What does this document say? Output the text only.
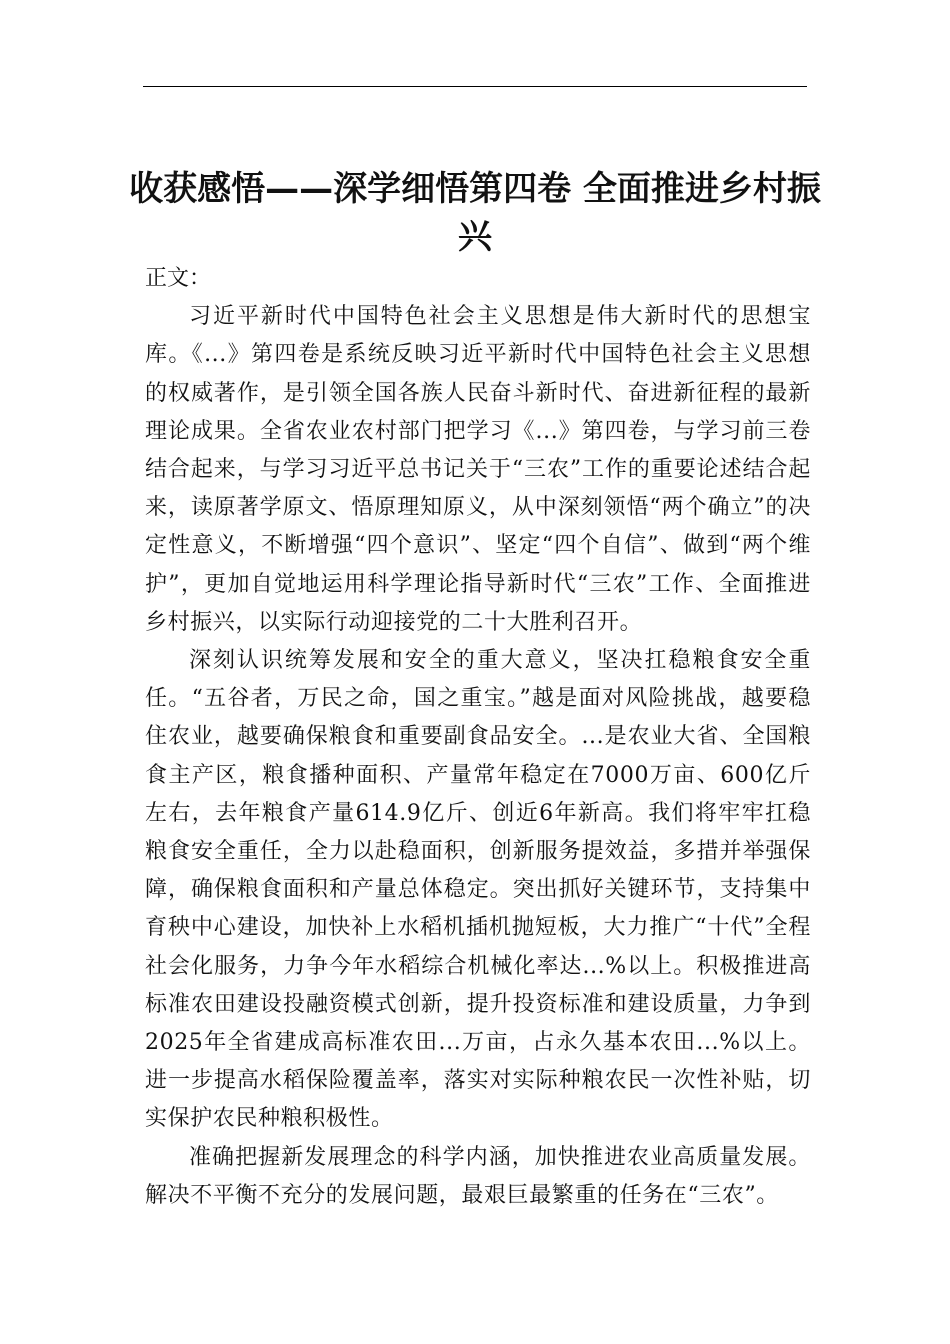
收获感悟——深学细悟第四卷 全面推进乡村振兴

正文：

习近平新时代中国特色社会主义思想是伟大新时代的思想宝库。《...》第四卷是系统反映习近平新时代中国特色社会主义思想的权威著作，是引领全国各族人民奋斗新时代、奋进新征程的最新理论成果。全省农业农村部门把学习《...》第四卷，与学习前三卷结合起来，与学习习近平总书记关于“三农”工作的重要论述结合起来，读原著学原文、悟原理知原义，从中深刻领悟“两个确立”的决定性意义，不断增强“四个意识”、坚定“四个自信”、做到“两个维护”，更加自觉地运用科学理论指导新时代“三农”工作、全面推进乡村振兴，以实际行动迎接党的二十大胜利召开。

深刻认识统筹发展和安全的重大意义，坚决扛稳粮食安全重任。“五谷者，万民之命，国之重宝。”越是面对风险挑战，越要稳住农业，越要确保粮食和重要副食品安全。...是农业大省、全国粮食主产区，粮食播种面积、产量常年稳定在7000万亩、600亿斤左右，去年粮食产量614.9亿斤、创近6年新高。我们将牢牢扛稳粮食安全重任，全力以赴稳面积，创新服务提效益，多措并举强保障，确保粮食面积和产量总体稳定。突出抓好关键环节，支持集中育秧中心建设，加快补上水稻机插机抛短板，大力推广“十代”全程社会化服务，力争今年水稻综合机械化率达...%以上。积极推进高标准农田建设投融资模式创新，提升投资标准和建设质量，力争到2025年全省建成高标准农田...万亩，占永久基本农田...%以上。进一步提高水稻保险覆盖率，落实对实际种粮农民一次性补贴，切实保护农民种粮积极性。

准确把握新发展理念的科学内涵，加快推进农业高质量发展。解决不平衡不充分的发展问题，最艰巨最繁重的任务在“三农”。
